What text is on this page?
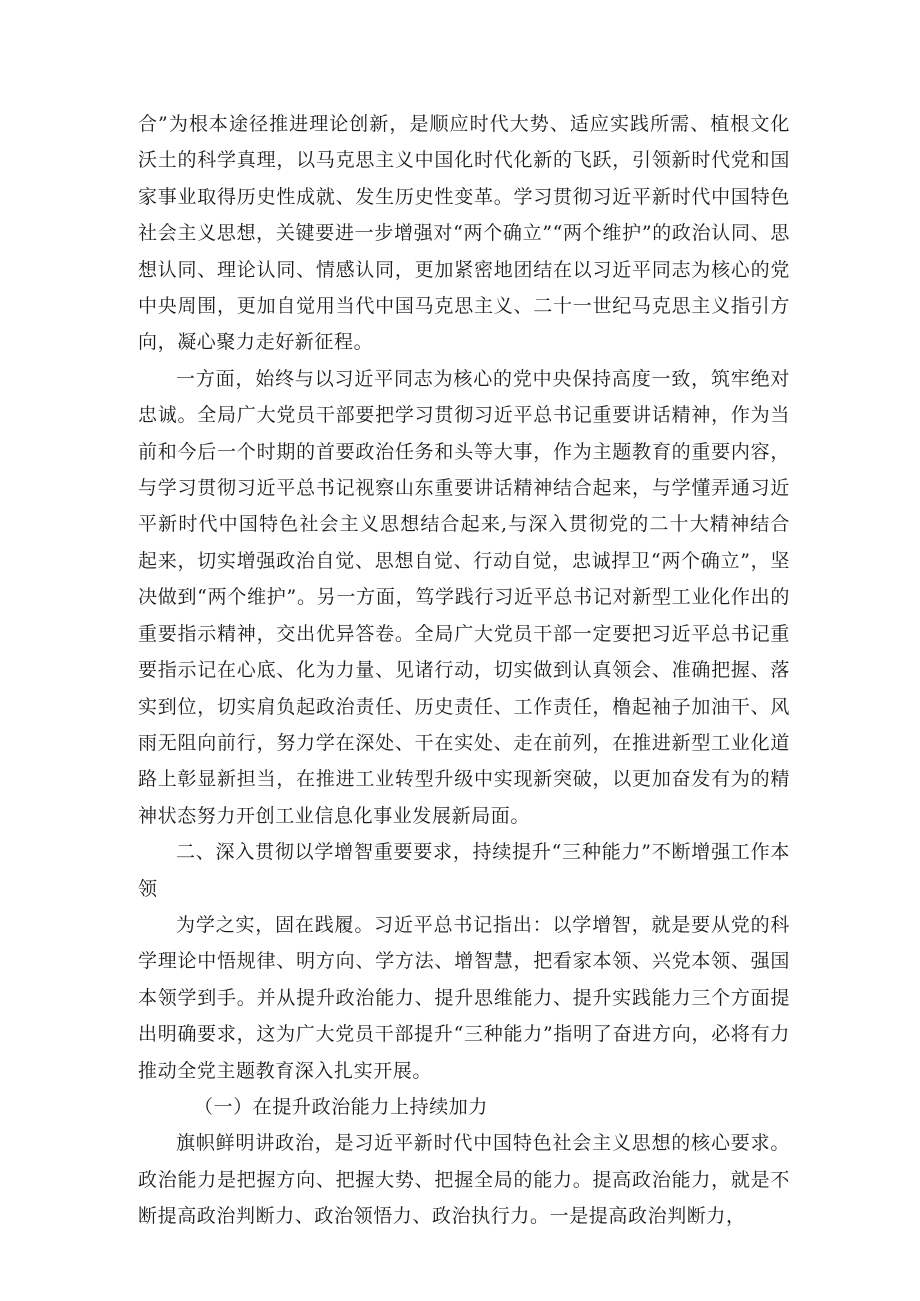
合”为根本途径推进理论创新，是顺应时代大势、适应实践所需、植根文化沃土的科学真理，以马克思主义中国化时代化新的飞跃，引领新时代党和国家事业取得历史性成就、发生历史性变革。学习贯彻习近平新时代中国特色社会主义思想，关键要进一步增强对“两个确立”“两个维护”的政治认同、思想认同、理论认同、情感认同，更加紧密地团结在以习近平同志为核心的党中央周围，更加自觉用当代中国马克思主义、二十一世纪马克思主义指引方向，凝心聚力走好新征程。

一方面，始终与以习近平同志为核心的党中央保持高度一致，筑牢绝对忠诚。全局广大党员干部要把学习贯彻习近平总书记重要讲话精神，作为当前和今后一个时期的首要政治任务和头等大事，作为主题教育的重要内容，与学习贯彻习近平总书记视察山东重要讲话精神结合起来，与学懂弄通习近平新时代中国特色社会主义思想结合起来,与深入贯彻党的二十大精神结合起来，切实增强政治自觉、思想自觉、行动自觉，忠诚捍卫“两个确立”，坚决做到“两个维护”。另一方面，笃学践行习近平总书记对新型工业化作出的重要指示精神，交出优异答卷。全局广大党员干部一定要把习近平总书记重要指示记在心底、化为力量、见诸行动，切实做到认真领会、准确把握、落实到位，切实肩负起政治责任、历史责任、工作责任，橹起袖子加油干、风雨无阻向前行，努力学在深处、干在实处、走在前列，在推进新型工业化道路上彰显新担当，在推进工业转型升级中实现新突破，以更加奋发有为的精神状态努力开创工业信息化事业发展新局面。

二、深入贯彻以学增智重要要求，持续提升“三种能力”不断增强工作本领

为学之实，固在践履。习近平总书记指出：以学增智，就是要从党的科学理论中悟规律、明方向、学方法、增智慧，把看家本领、兴党本领、强国本领学到手。并从提升政治能力、提升思维能力、提升实践能力三个方面提出明确要求，这为广大党员干部提升“三种能力”指明了奋进方向，必将有力推动全党主题教育深入扎实开展。

（一）在提升政治能力上持续加力

旗帜鲜明讲政治，是习近平新时代中国特色社会主义思想的核心要求。政治能力是把握方向、把握大势、把握全局的能力。提高政治能力，就是不断提高政治判断力、政治领悟力、政治执行力。一是提高政治判断力，
